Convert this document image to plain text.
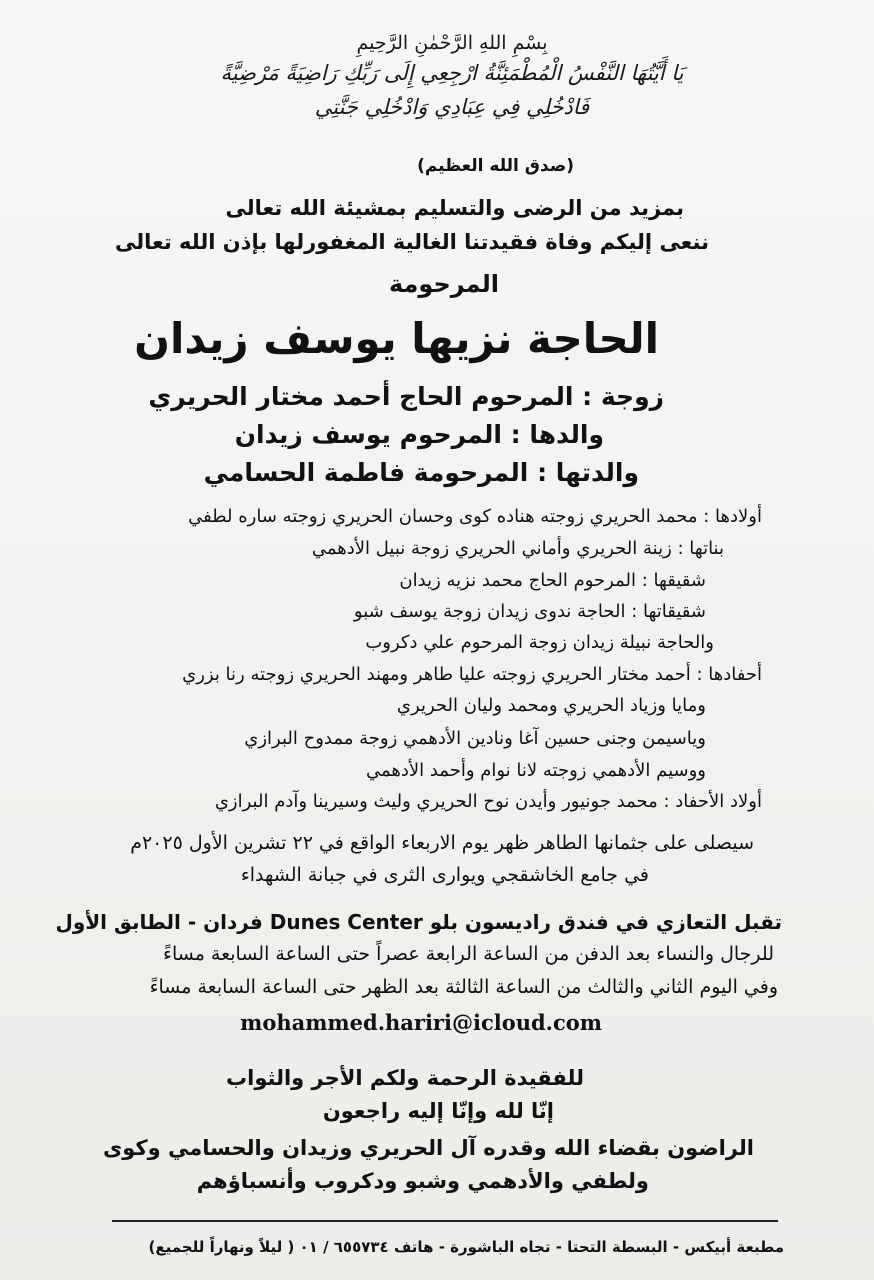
بِسْمِ اللهِ الرَّحْمٰنِ الرَّحِيمِ
يَا أَيَّتُهَا النَّفْسُ الْمُطْمَئِنَّةُ ارْجِعِي إِلَى رَبِّكِ رَاضِيَةً مَرْضِيَّةً
فَادْخُلِي فِي عِبَادِي وَادْخُلِي جَنَّتِي
(صدق الله العظيم)
بمزيد من الرضى والتسليم بمشيئة الله تعالى
ننعى إليكم وفاة فقيدتنا الغالية المغفورلها بإذن الله تعالى
المرحومة
الحاجة نزيها يوسف زيدان
زوجة : المرحوم الحاج أحمد مختار الحريري
والدها : المرحوم يوسف زيدان
والدتها : المرحومة فاطمة الحسامي
أولادها : محمد الحريري زوجته هناده كوى وحسان الحريري زوجته ساره لطفي
بناتها : زينة الحريري وأماني الحريري زوجة نبيل الأدهمي
شقيقها : المرحوم الحاج محمد نزيه زيدان
شقيقاتها : الحاجة ندوى زيدان زوجة يوسف شبو
والحاجة نبيلة زيدان زوجة المرحوم علي دكروب
أحفادها : أحمد مختار الحريري زوجته عليا طاهر ومهند الحريري زوجته رنا بزري
ومايا وزياد الحريري ومحمد وليان الحريري
وياسيمن وجنى حسين آغا ونادين الأدهمي زوجة ممدوح البرازي
ووسيم الأدهمي زوجته لانا نوام وأحمد الأدهمي
أولاد الأحفاد : محمد جونيور وأيدن نوح الحريري وليث وسيرينا وآدم البرازي
سيصلى على جثمانها الطاهر ظهر يوم الاربعاء الواقع في ٢٢ تشرين الأول ٢٠٢٥م
في جامع الخاشقجي ويوارى الثرى في جبانة الشهداء
تقبل التعازي في فندق راديسون بلو Dunes Center فردان - الطابق الأول
للرجال والنساء بعد الدفن من الساعة الرابعة عصراً حتى الساعة السابعة مساءً
وفي اليوم الثاني والثالث من الساعة الثالثة بعد الظهر حتى الساعة السابعة مساءً
mohammed.hariri@icloud.com
للفقيدة الرحمة ولكم الأجر والثواب
إنّا لله وإنّا إليه راجعون
الراضون بقضاء الله وقدره آل الحريري وزيدان والحسامي وكوى
ولطفي والأدهمي وشبو ودكروب وأنسباؤهم
مطبعة أبيكس - البسطة التحتا - تجاه الباشورة - هاتف ٦٥٥٧٣٤ / ٠١ ( ليلاً ونهاراً للجميع)
